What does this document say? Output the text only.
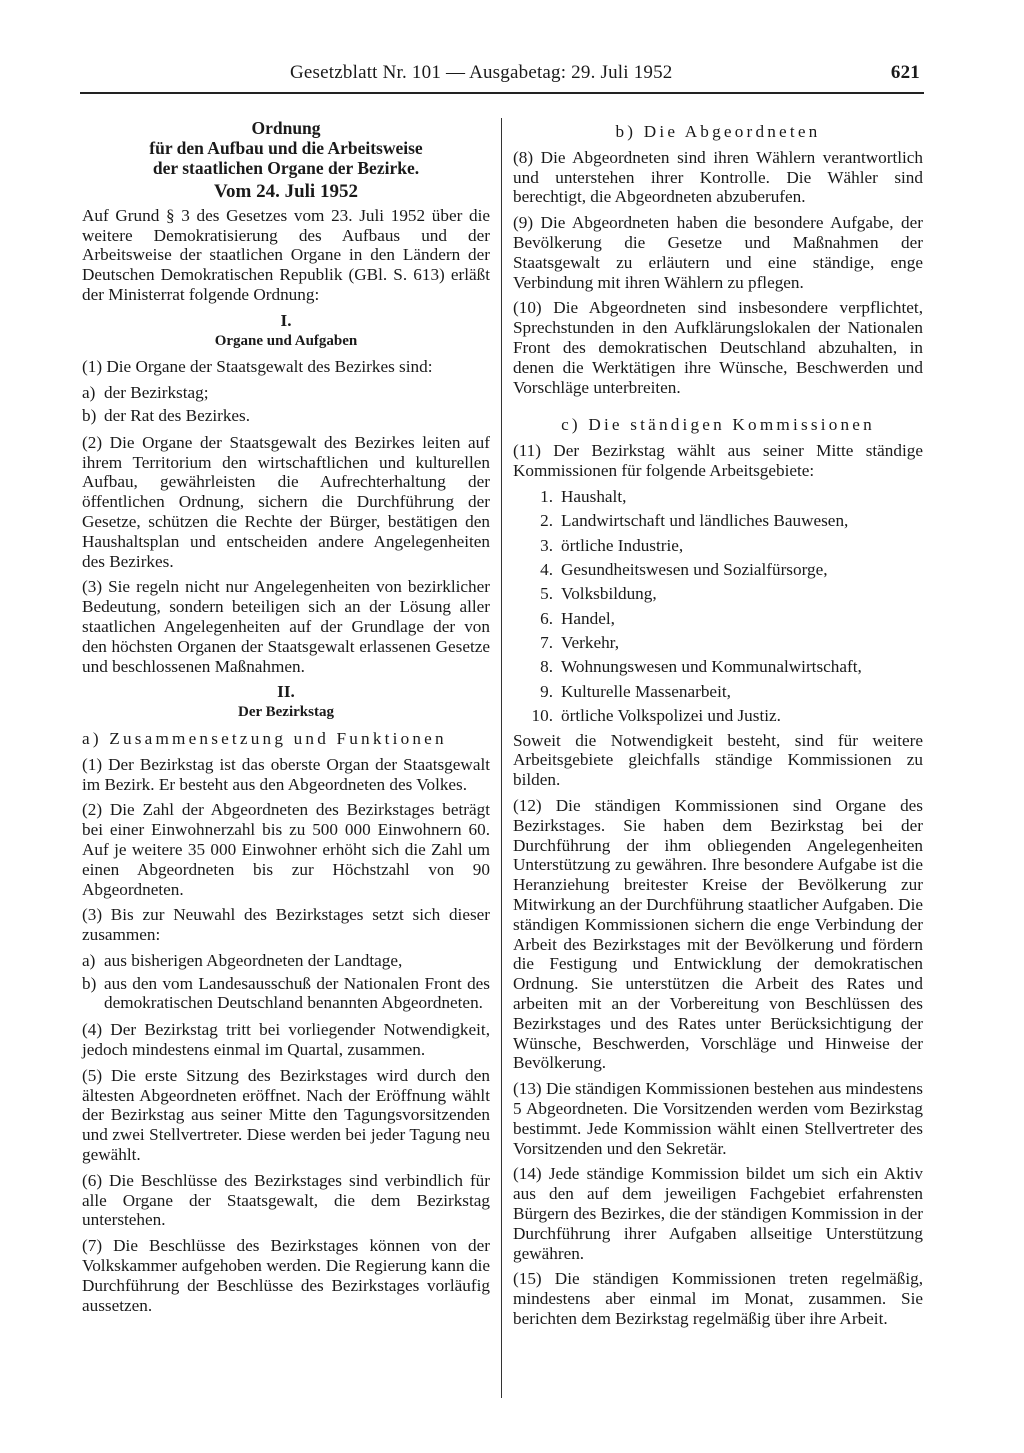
Gesetzblatt Nr. 101 — Ausgabetag: 29. Juli 1952	621
Ordnung
für den Aufbau und die Arbeitsweise
der staatlichen Organe der Bezirke.
Vom 24. Juli 1952

Auf Grund § 3 des Gesetzes vom 23. Juli 1952 über die weitere Demokratisierung des Aufbaus und der Arbeitsweise der staatlichen Organe in den Ländern der Deutschen Demokratischen Republik (GBl. S. 613) erläßt der Ministerrat folgende Ordnung:

I.
Organe und Aufgaben

(1) Die Organe der Staatsgewalt des Bezirkes sind:

a) der Bezirkstag;
b) der Rat des Bezirkes.

(2) Die Organe der Staatsgewalt des Bezirkes leiten auf ihrem Territorium den wirtschaftlichen und kulturellen Aufbau, gewährleisten die Aufrechterhaltung der öffentlichen Ordnung, sichern die Durchführung der Gesetze, schützen die Rechte der Bürger, bestätigen den Haushaltsplan und entscheiden andere Angelegenheiten des Bezirkes.

(3) Sie regeln nicht nur Angelegenheiten von bezirklicher Bedeutung, sondern beteiligen sich an der Lösung aller staatlichen Angelegenheiten auf der Grundlage der von den höchsten Organen der Staatsgewalt erlassenen Gesetze und beschlossenen Maßnahmen.

II.
Der Bezirkstag
a) Zusammensetzung und Funktionen

(1) Der Bezirkstag ist das oberste Organ der Staatsgewalt im Bezirk. Er besteht aus den Abgeordneten des Volkes.

(2) Die Zahl der Abgeordneten des Bezirkstages beträgt bei einer Einwohnerzahl bis zu 500 000 Einwohnern 60. Auf je weitere 35 000 Einwohner erhöht sich die Zahl um einen Abgeordneten bis zur Höchstzahl von 90 Abgeordneten.

(3) Bis zur Neuwahl des Bezirkstages setzt sich dieser zusammen:

a) aus bisherigen Abgeordneten der Landtage,
b) aus den vom Landesausschuß der Nationalen Front des demokratischen Deutschland benannten Abgeordneten.

(4) Der Bezirkstag tritt bei vorliegender Notwendigkeit, jedoch mindestens einmal im Quartal, zusammen.

(5) Die erste Sitzung des Bezirkstages wird durch den ältesten Abgeordneten eröffnet. Nach der Eröffnung wählt der Bezirkstag aus seiner Mitte den Tagungsvorsitzenden und zwei Stellvertreter. Diese werden bei jeder Tagung neu gewählt.

(6) Die Beschlüsse des Bezirkstages sind verbindlich für alle Organe der Staatsgewalt, die dem Bezirkstag unterstehen.

(7) Die Beschlüsse des Bezirkstages können von der Volkskammer aufgehoben werden. Die Regierung kann die Durchführung der Beschlüsse des Bezirkstages vorläufig aussetzen.

b) Die Abgeordneten

(8) Die Abgeordneten sind ihren Wählern verantwortlich und unterstehen ihrer Kontrolle. Die Wähler sind berechtigt, die Abgeordneten abzuberufen.

(9) Die Abgeordneten haben die besondere Aufgabe, der Bevölkerung die Gesetze und Maßnahmen der Staatsgewalt zu erläutern und eine ständige, enge Verbindung mit ihren Wählern zu pflegen.

(10) Die Abgeordneten sind insbesondere verpflichtet, Sprechstunden in den Aufklärungslokalen der Nationalen Front des demokratischen Deutschland abzuhalten, in denen die Werktätigen ihre Wünsche, Beschwerden und Vorschläge unterbreiten.

c) Die ständigen Kommissionen

(11) Der Bezirkstag wählt aus seiner Mitte ständige Kommissionen für folgende Arbeitsgebiete:

1. Haushalt,
2. Landwirtschaft und ländliches Bauwesen,
3. örtliche Industrie,
4. Gesundheitswesen und Sozialfürsorge,
5. Volksbildung,
6. Handel,
7. Verkehr,
8. Wohnungswesen und Kommunalwirtschaft,
9. Kulturelle Massenarbeit,
10. örtliche Volkspolizei und Justiz.

Soweit die Notwendigkeit besteht, sind für weitere Arbeitsgebiete gleichfalls ständige Kommissionen zu bilden.

(12) Die ständigen Kommissionen sind Organe des Bezirkstages. Sie haben dem Bezirkstag bei der Durchführung der ihm obliegenden Angelegenheiten Unterstützung zu gewähren. Ihre besondere Aufgabe ist die Heranziehung breitester Kreise der Bevölkerung zur Mitwirkung an der Durchführung staatlicher Aufgaben. Die ständigen Kommissionen sichern die enge Verbindung der Arbeit des Bezirkstages mit der Bevölkerung und fördern die Festigung und Entwicklung der demokratischen Ordnung. Sie unterstützen die Arbeit des Rates und arbeiten mit an der Vorbereitung von Beschlüssen des Bezirkstages und des Rates unter Berücksichtigung der Wünsche, Beschwerden, Vorschläge und Hinweise der Bevölkerung.

(13) Die ständigen Kommissionen bestehen aus mindestens 5 Abgeordneten. Die Vorsitzenden werden vom Bezirkstag bestimmt. Jede Kommission wählt einen Stellvertreter des Vorsitzenden und den Sekretär.

(14) Jede ständige Kommission bildet um sich ein Aktiv aus den auf dem jeweiligen Fachgebiet erfahrensten Bürgern des Bezirkes, die der ständigen Kommission in der Durchführung ihrer Aufgaben allseitige Unterstützung gewähren.

(15) Die ständigen Kommissionen treten regelmäßig, mindestens aber einmal im Monat, zusammen. Sie berichten dem Bezirkstag regelmäßig über ihre Arbeit.
